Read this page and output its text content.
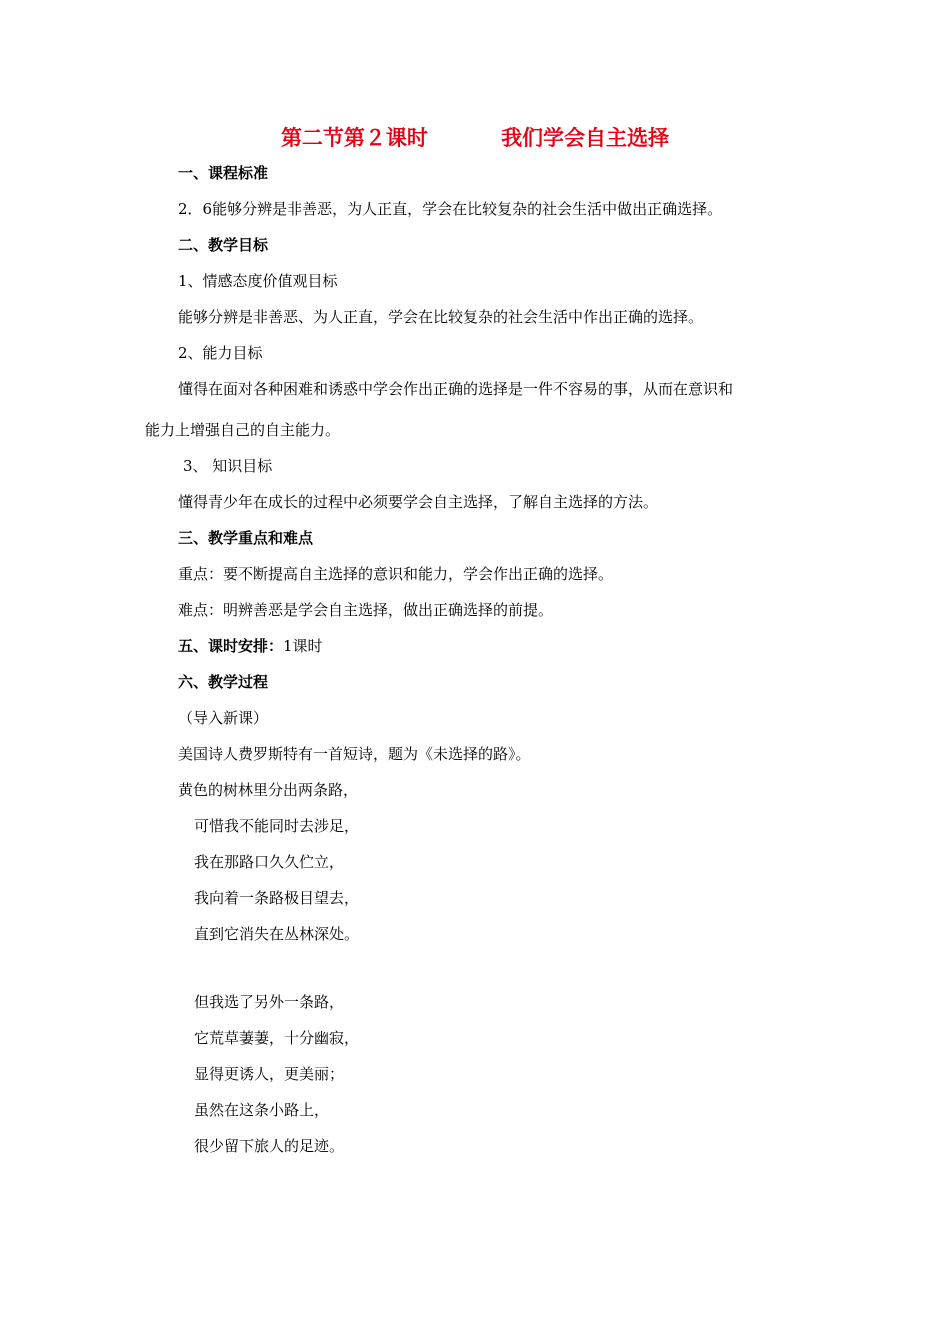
第二节第２课时	我们学会自主选择
一、课程标准
2．6能够分辨是非善恶，为人正直，学会在比较复杂的社会生活中做出正确选择。
二、教学目标
1、情感态度价值观目标
能够分辨是非善恶、为人正直，学会在比较复杂的社会生活中作出正确的选择。
2、能力目标
懂得在面对各种困难和诱惑中学会作出正确的选择是一件不容易的事，从而在意识和
能力上增强自己的自主能力。
3、 知识目标
懂得青少年在成长的过程中必须要学会自主选择，了解自主选择的方法。
三、教学重点和难点
重点：要不断提高自主选择的意识和能力，学会作出正确的选择。
难点：明辨善恶是学会自主选择，做出正确选择的前提。
五、课时安排：1课时
六、教学过程
（导入新课）
美国诗人费罗斯特有一首短诗，题为《未选择的路》。
黄色的树林里分出两条路，
可惜我不能同时去涉足，
我在那路口久久伫立，
我向着一条路极目望去，
直到它消失在丛林深处。
但我选了另外一条路，
它荒草萋萋，十分幽寂，
显得更诱人，更美丽；
虽然在这条小路上，
很少留下旅人的足迹。
